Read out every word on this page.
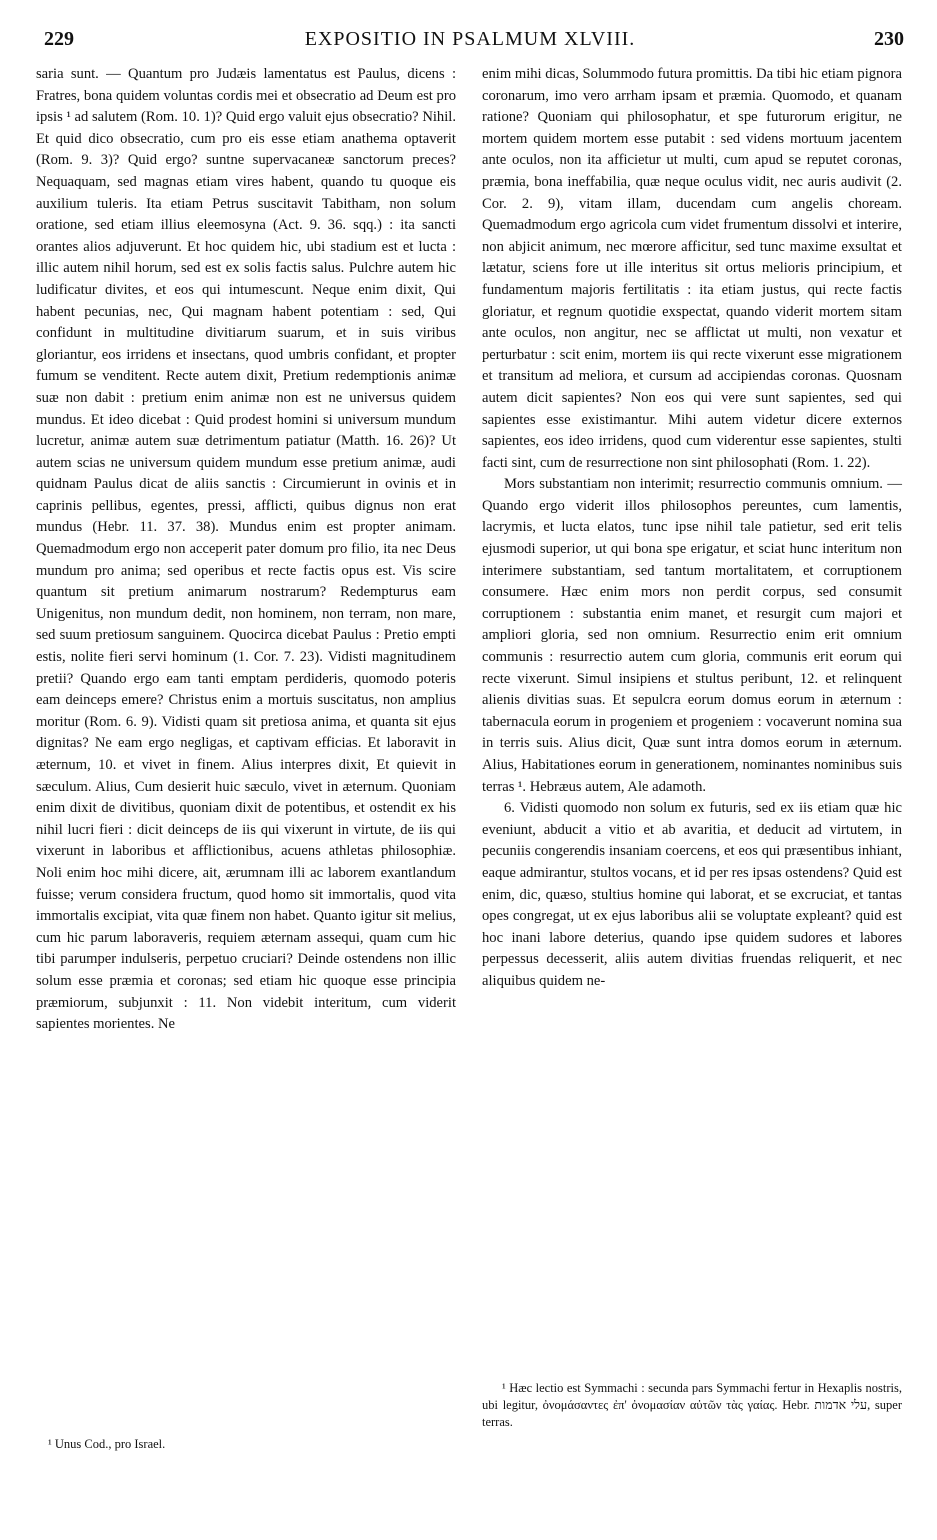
229	EXPOSITIO IN PSALMUM XLVIII.	230

saria sunt. — Quantum pro Judæis lamentatus est Paulus, dicens : Fratres, bona quidem voluntas cordis mei et obsecratio ad Deum est pro ipsis ¹ ad salutem (Rom. 10. 1)? Quid ergo valuit ejus obsecratio? Nihil. Et quid dico obsecratio, cum pro eis esse etiam anathema optaverit (Rom. 9. 3)? Quid ergo? suntne supervacaneæ sanctorum preces? Nequaquam, sed magnas etiam vires habent, quando tu quoque eis auxilium tuleris. Ita etiam Petrus suscitavit Tabitham, non solum oratione, sed etiam illius eleemosyna (Act. 9. 36. sqq.) : ita sancti orantes alios adjuverunt. Et hoc quidem hic, ubi stadium est et lucta : illic autem nihil horum, sed est ex solis factis salus. Pulchre autem hic ludificatur divites, et eos qui intumescunt. Neque enim dixit, Qui habent pecunias, nec, Qui magnam habent potentiam : sed, Qui confidunt in multitudine divitiarum suarum, et in suis viribus gloriantur, eos irridens et insectans, quod umbris confidant, et propter fumum se venditent. Recte autem dixit, Pretium redemptionis animæ suæ non dabit : pretium enim animæ non est ne universus quidem mundus. Et ideo dicebat : Quid prodest homini si universum mundum lucretur, animæ autem suæ detrimentum patiatur (Matth. 16. 26)? Ut autem scias ne universum quidem mundum esse pretium animæ, audi quidnam Paulus dicat de aliis sanctis : Circumierunt in ovinis et in caprinis pellibus, egentes, pressi, afflicti, quibus dignus non erat mundus (Hebr. 11. 37. 38). Mundus enim est propter animam. Quemadmodum ergo non acceperit pater domum pro filio, ita nec Deus mundum pro anima; sed operibus et recte factis opus est. Vis scire quantum sit pretium animarum nostrarum? Redempturus eam Unigenitus, non mundum dedit, non hominem, non terram, non mare, sed suum pretiosum sanguinem. Quocirca dicebat Paulus : Pretio empti estis, nolite fieri servi hominum (1. Cor. 7. 23). Vidisti magnitudinem pretii? Quando ergo eam tanti emptam perdideris, quomodo poteris eam deinceps emere? Christus enim a mortuis suscitatus, non amplius moritur (Rom. 6. 9). Vidisti quam sit pretiosa anima, et quanta sit ejus dignitas? Ne eam ergo negligas, et captivam efficias. Et laboravit in æternum, 10. et vivet in finem. Alius interpres dixit, Et quievit in sæculum. Alius, Cum desierit huic sæculo, vivet in æternum. Quoniam enim dixit de divitibus, quoniam dixit de potentibus, et ostendit ex his nihil lucri fieri : dicit deinceps de iis qui vixerunt in virtute, de iis qui vixerunt in laboribus et afflictionibus, acuens athletas philosophiæ. Noli enim hoc mihi dicere, ait, ærumnam illi ac laborem exantlandum fuisse; verum considera fructum, quod homo sit immortalis, quod vita immortalis excipiat, vita quæ finem non habet. Quanto igitur sit melius, cum hic parum laboraveris, requiem æternam assequi, quam cum hic tibi parumper indulseris, perpetuo cruciari? Deinde ostendens non illic solum esse præmia et coronas; sed etiam hic quoque esse principia præmiorum, subjunxit : 11. Non videbit interitum, cum viderit sapientes morientes. Ne

enim mihi dicas, Solummodo futura promittis. Da tibi hic etiam pignora coronarum, imo vero arrham ipsam et præmia. Quomodo, et quanam ratione? Quoniam qui philosophatur, et spe futurorum erigitur, ne mortem quidem mortem esse putabit : sed videns mortuum jacentem ante oculos, non ita afficietur ut multi, cum apud se reputet coronas, præmia, bona ineffabilia, quæ neque oculus vidit, nec auris audivit (2. Cor. 2. 9), vitam illam, ducendam cum angelis choream. Quemadmodum ergo agricola cum videt frumentum dissolvi et interire, non abjicit animum, nec mœrore afficitur, sed tunc maxime exsultat et lætatur, sciens fore ut ille interitus sit ortus melioris principium, et fundamentum majoris fertilitatis : ita etiam justus, qui recte factis gloriatur, et regnum quotidie exspectat, quando viderit mortem sitam ante oculos, non angitur, nec se afflictat ut multi, non vexatur et perturbatur : scit enim, mortem iis qui recte vixerunt esse migrationem et transitum ad meliora, et cursum ad accipiendas coronas. Quosnam autem dicit sapientes? Non eos qui vere sunt sapientes, sed qui sapientes esse existimantur. Mihi autem videtur dicere externos sapientes, eos ideo irridens, quod cum viderentur esse sapientes, stulti facti sint, cum de resurrectione non sint philosophati (Rom. 1. 22).

Mors substantiam non interimit; resurrectio communis omnium. — Quando ergo viderit illos philosophos pereuntes, cum lamentis, lacrymis, et lucta elatos, tunc ipse nihil tale patietur, sed erit telis ejusmodi superior, ut qui bona spe erigatur, et sciat hunc interitum non interimere substantiam, sed tantum mortalitatem, et corruptionem consumere. Hæc enim mors non perdit corpus, sed consumit corruptionem : substantia enim manet, et resurgit cum majori et ampliori gloria, sed non omnium. Resurrectio enim erit omnium communis : resurrectio autem cum gloria, communis erit eorum qui recte vixerunt. Simul insipiens et stultus peribunt, 12. et relinquent alienis divitias suas. Et sepulcra eorum domus eorum in æternum : tabernacula eorum in progeniem et progeniem : vocaverunt nomina sua in terris suis. Alius dicit, Quæ sunt intra domos eorum in æternum. Alius, Habitationes eorum in generationem, nominantes nominibus suis terras ¹. Hebræus autem, Ale adamoth.

6. Vidisti quomodo non solum ex futuris, sed ex iis etiam quæ hic eveniunt, abducit a vitio et ab avaritia, et deducit ad virtutem, in pecuniis congerendis insaniam coercens, et eos qui præsentibus inhiant, eaque admirantur, stultos vocans, et id per res ipsas ostendens? Quid est enim, dic, quæso, stultius homine qui laborat, et se excruciat, et tantas opes congregat, ut ex ejus laboribus alii se voluptate expleant? quid est hoc inani labore deterius, quando ipse quidem sudores et labores perpessus decesserit, aliis autem divitias fruendas reliquerit, et nec aliquibus quidem ne-

¹ Unus Cod., pro Israel.
¹ Hæc lectio est Symmachi : secunda pars Symmachi fertur in Hexaplis nostris, ubi legitur, ὀνομάσαντες ἐπ' ὀνομασίαν αὐτῶν τὰς γαίας. Hebr. עלי אדמות, super terras.
